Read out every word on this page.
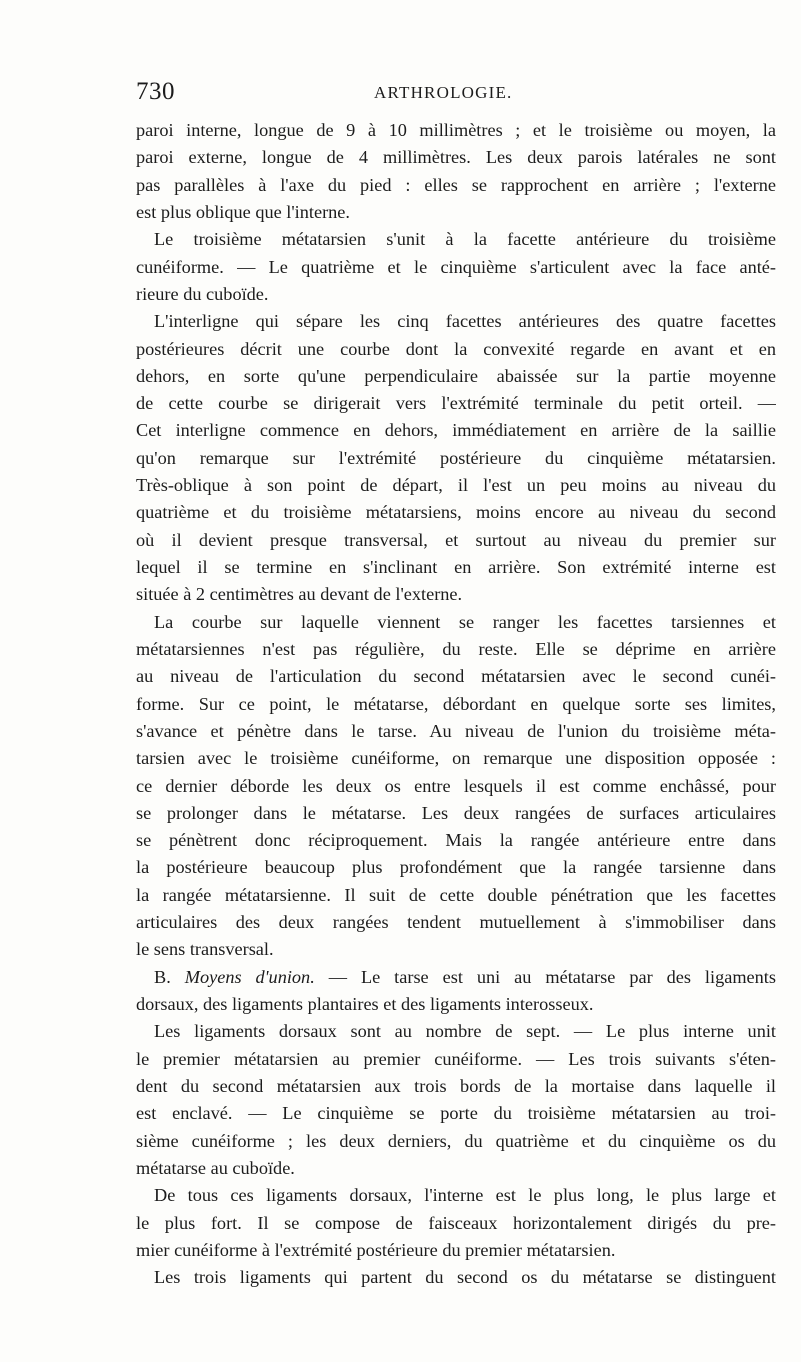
730	ARTHROLOGIE.
paroi interne, longue de 9 à 10 millimètres ; et le troisième ou moyen, la
paroi externe, longue de 4 millimètres. Les deux parois latérales ne sont
pas parallèles à l'axe du pied : elles se rapprochent en arrière ; l'externe
est plus oblique que l'interne.
Le troisième métatarsien s'unit à la facette antérieure du troisième
cunéiforme. — Le quatrième et le cinquième s'articulent avec la face anté-
rieure du cuboïde.
L'interligne qui sépare les cinq facettes antérieures des quatre facettes
postérieures décrit une courbe dont la convexité regarde en avant et en
dehors, en sorte qu'une perpendiculaire abaissée sur la partie moyenne
de cette courbe se dirigerait vers l'extrémité terminale du petit orteil. —
Cet interligne commence en dehors, immédiatement en arrière de la saillie
qu'on remarque sur l'extrémité postérieure du cinquième métatarsien.
Très-oblique à son point de départ, il l'est un peu moins au niveau du
quatrième et du troisième métatarsiens, moins encore au niveau du second
où il devient presque transversal, et surtout au niveau du premier sur
lequel il se termine en s'inclinant en arrière. Son extrémité interne est
située à 2 centimètres au devant de l'externe.
La courbe sur laquelle viennent se ranger les facettes tarsiennes et
métatarsiennes n'est pas régulière, du reste. Elle se déprime en arrière
au niveau de l'articulation du second métatarsien avec le second cunéi-
forme. Sur ce point, le métatarse, débordant en quelque sorte ses limites,
s'avance et pénètre dans le tarse. Au niveau de l'union du troisième méta-
tarsien avec le troisième cunéiforme, on remarque une disposition opposée :
ce dernier déborde les deux os entre lesquels il est comme enchâssé, pour
se prolonger dans le métatarse. Les deux rangées de surfaces articulaires
se pénètrent donc réciproquement. Mais la rangée antérieure entre dans
la postérieure beaucoup plus profondément que la rangée tarsienne dans
la rangée métatarsienne. Il suit de cette double pénétration que les facettes
articulaires des deux rangées tendent mutuellement à s'immobiliser dans
le sens transversal.
B. Moyens d'union. — Le tarse est uni au métatarse par des ligaments
dorsaux, des ligaments plantaires et des ligaments interosseux.
Les ligaments dorsaux sont au nombre de sept. — Le plus interne unit
le premier métatarsien au premier cunéiforme. — Les trois suivants s'éten-
dent du second métatarsien aux trois bords de la mortaise dans laquelle il
est enclavé. — Le cinquième se porte du troisième métatarsien au troi-
sième cunéiforme ; les deux derniers, du quatrième et du cinquième os du
métatarse au cuboïde.
De tous ces ligaments dorsaux, l'interne est le plus long, le plus large et
le plus fort. Il se compose de faisceaux horizontalement dirigés du pre-
mier cunéiforme à l'extrémité postérieure du premier métatarsien.
Les trois ligaments qui partent du second os du métatarse se distinguent
